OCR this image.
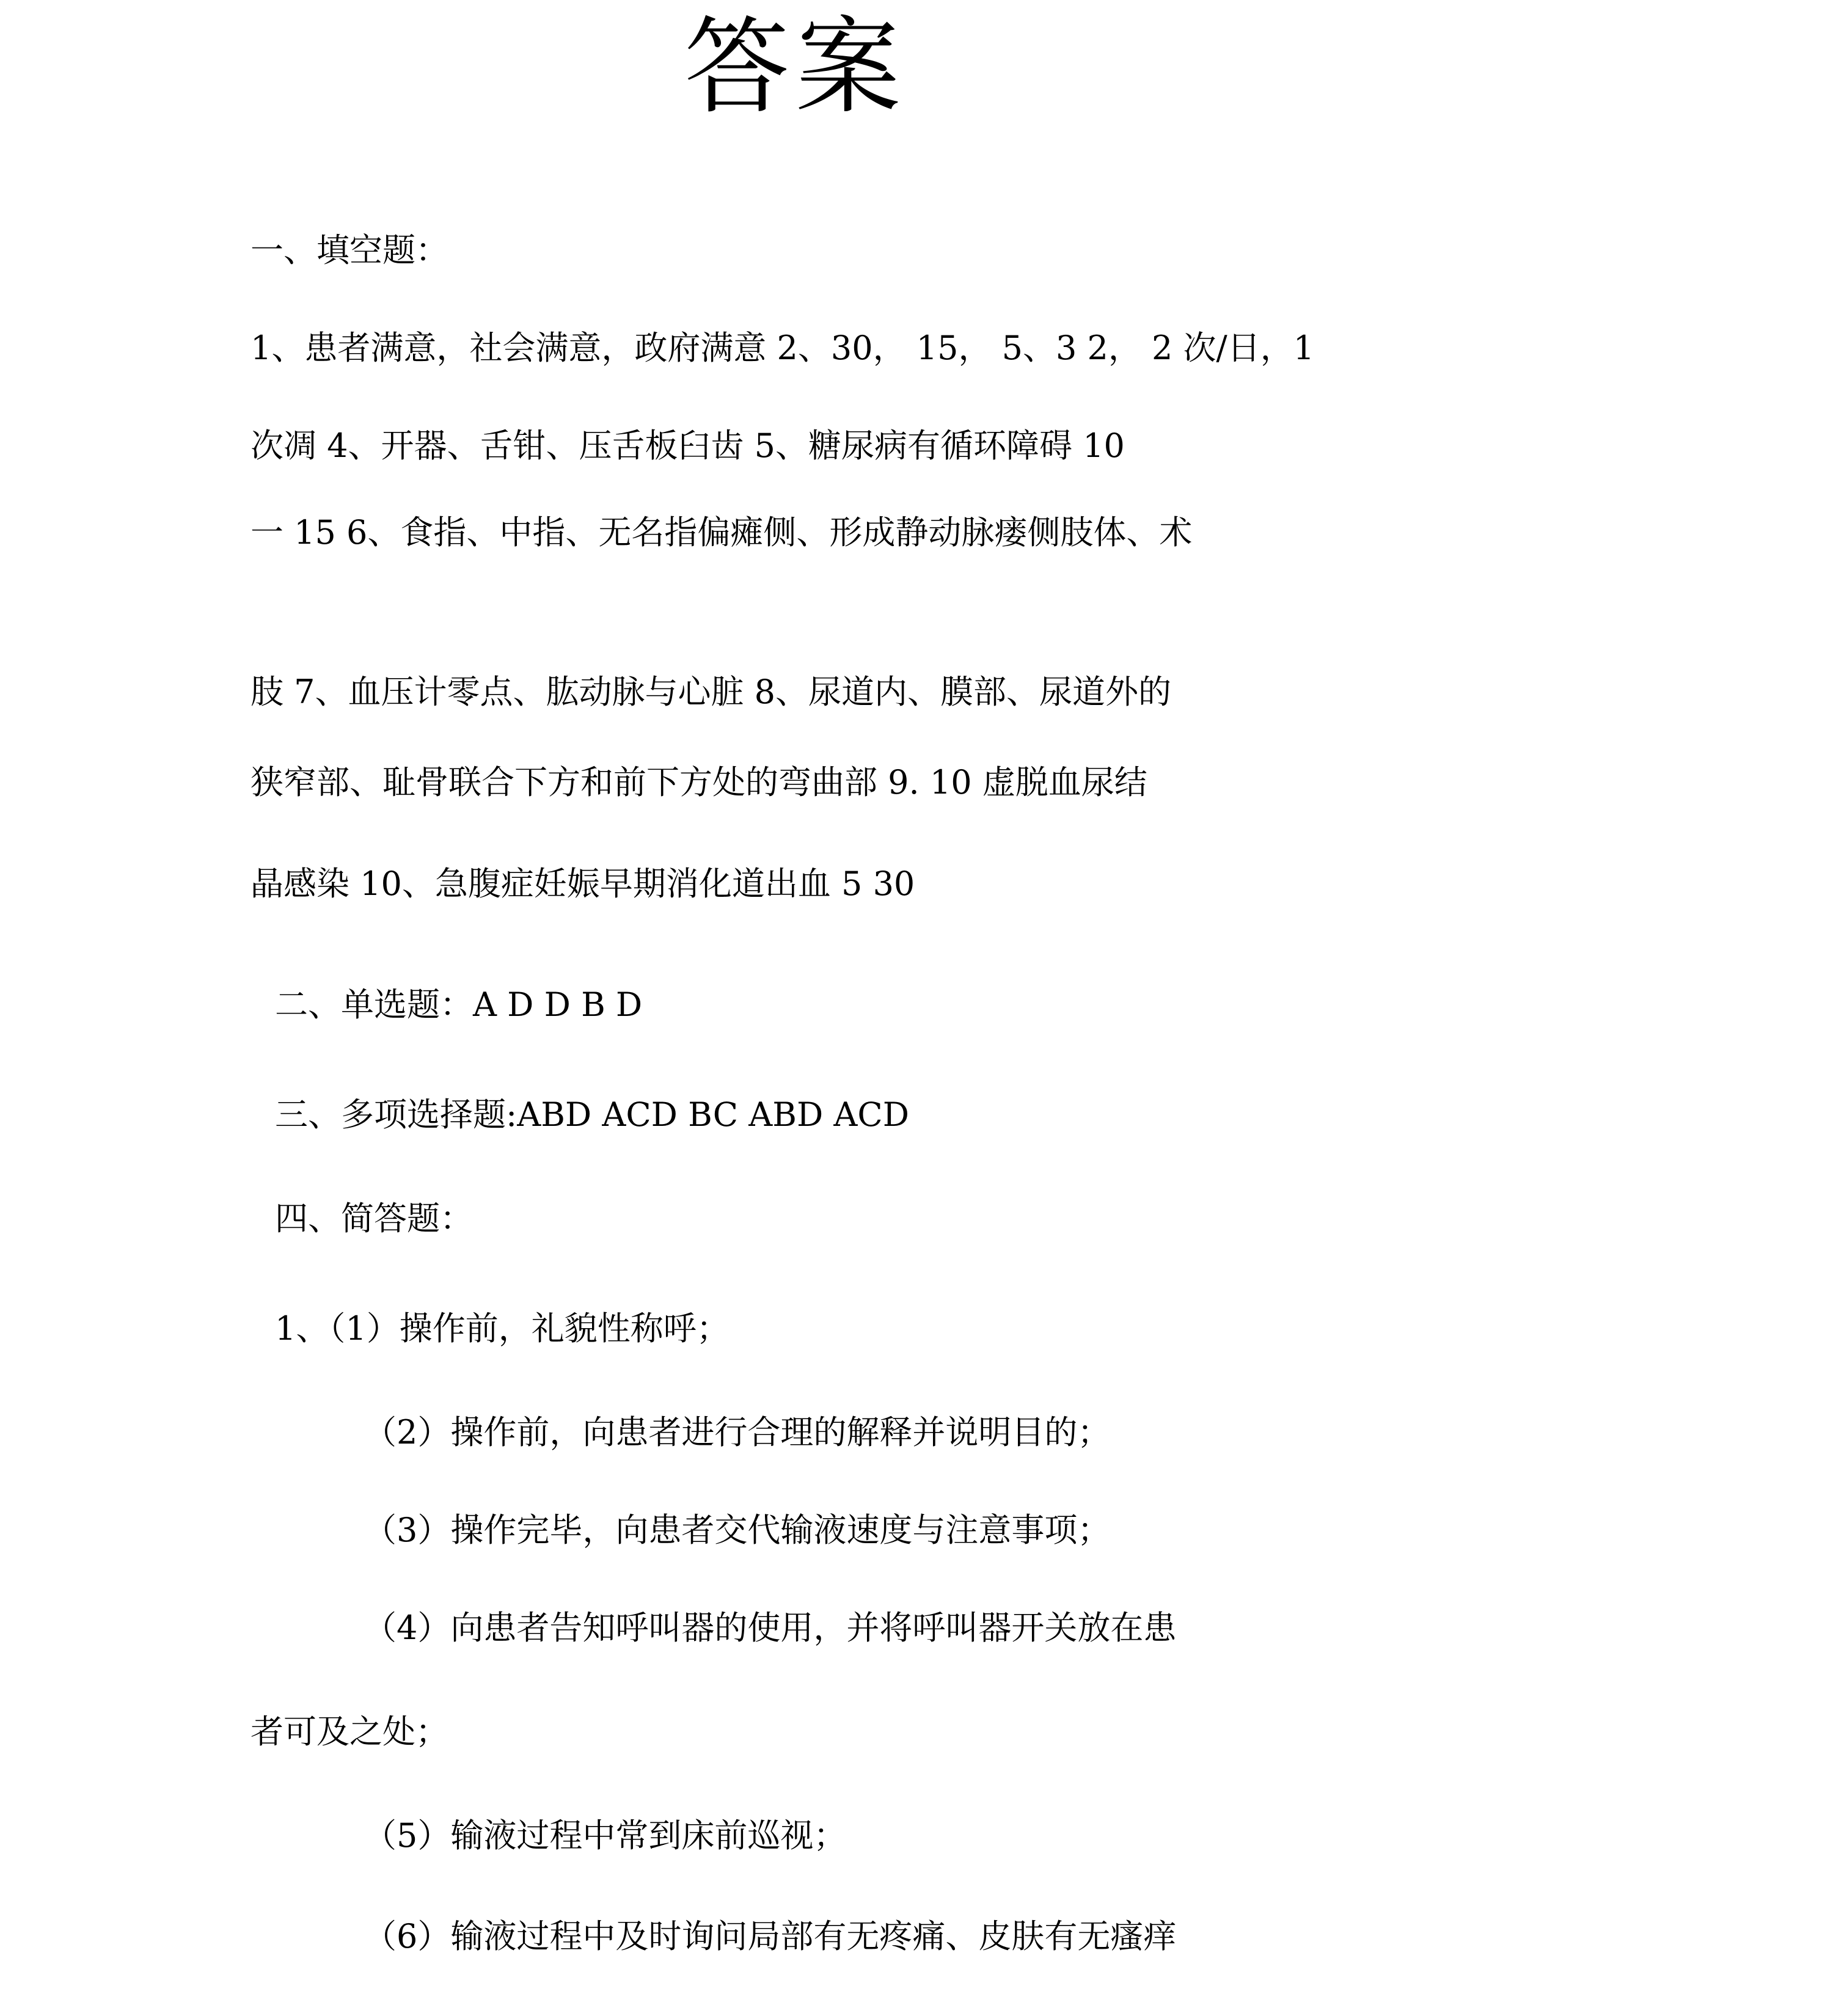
答案
一、填空题：
1、患者满意，社会满意，政府满意 2、30， 15， 5、3 2， 2 次/日，1
次凋 4、开器、舌钳、压舌板臼齿 5、糖尿病有循环障碍 10
一 15 6、食指、中指、无名指偏瘫侧、形成静动脉瘘侧肢体、术
肢 7、血压计零点、肱动脉与心脏 8、尿道内、膜部、尿道外的
狭窄部、耻骨联合下方和前下方处的弯曲部 9. 10 虚脱血尿结
晶感染 10、急腹症妊娠早期消化道出血 5 30
二、单选题：A D D B D
三、多项选择题:ABD ACD BC ABD ACD
四、简答题：
1、（1）操作前，礼貌性称呼；
（2）操作前，向患者进行合理的解释并说明目的；
（3）操作完毕，向患者交代输液速度与注意事项；
（4）向患者告知呼叫器的使用，并将呼叫器开关放在患
者可及之处；
（5）输液过程中常到床前巡视；
（6）输液过程中及时询问局部有无疼痛、皮肤有无瘙痒
